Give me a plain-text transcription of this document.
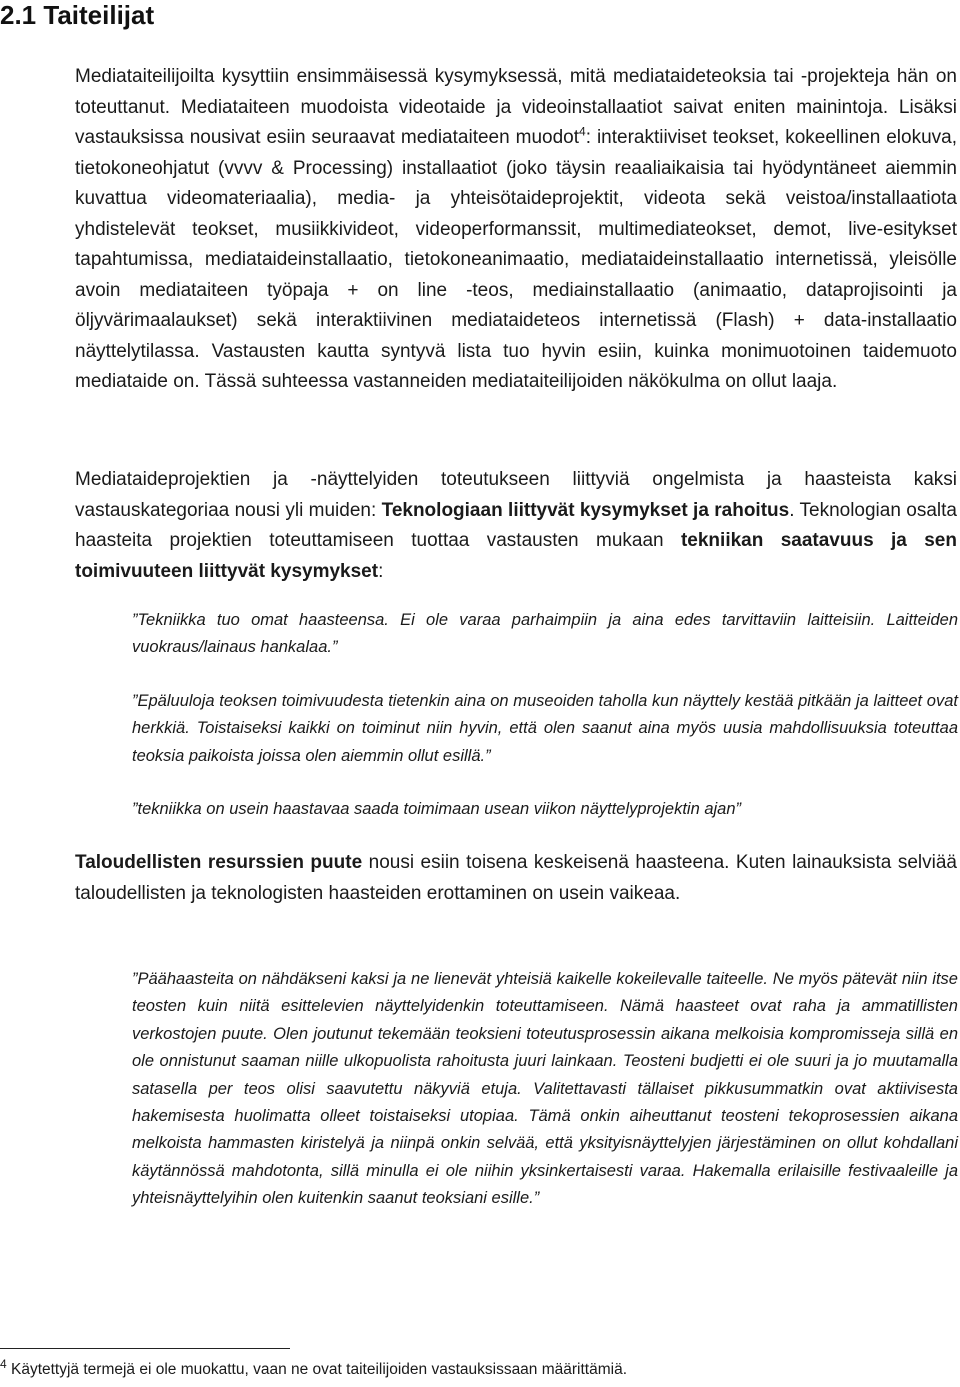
2.1 Taiteilijat

Mediataiteilijoilta kysyttiin ensimmäisessä kysymyksessä, mitä mediataideteoksia tai -projekteja hän on toteuttanut. Mediataiteen muodoista videotaide ja videoinstallaatiot saivat eniten mainintoja. Lisäksi vastauksissa nousivat esiin seuraavat mediataiteen muodot$^4$: interaktiiviset teokset, kokeellinen elokuva, tietokoneohjatut (vvvv & Processing) installaatiot (joko täysin reaaliaikaisia tai hyödyntäneet aiemmin kuvattua videomateriaalia), media- ja yhteisötaideprojektit, videota sekä veistoa/installaatiota yhdistelevät teokset, musiikkivideot, videoperformanssit, multimediateokset, demot, live-esitykset tapahtumissa, mediataideinstallaatio, tietokoneanimaatio, mediataideinstallaatio internetissä, yleisölle avoin mediataiteen työpaja + on line -teos, mediainstallaatio (animaatio, dataprojisointi ja öljyvärimaalaukset) sekä interaktiivinen mediataideteos internetissä (Flash) + data-installaatio näyttelytilassa. Vastausten kautta syntyvä lista tuo hyvin esiin, kuinka monimuotoinen taidemuoto mediataide on. Tässä suhteessa vastanneiden mediataiteilijoiden näkökulma on ollut laaja.

Mediataideprojektien ja -näyttelyiden toteutukseen liittyviä ongelmista ja haasteista kaksi vastauskategoriaa nousi yli muiden: Teknologiaan liittyvät kysymykset ja rahoitus. Teknologian osalta haasteita projektien toteuttamiseen tuottaa vastausten mukaan tekniikan saatavuus ja sen toimivuuteen liittyvät kysymykset:

”Tekniikka tuo omat haasteensa. Ei ole varaa parhaimpiin ja aina edes tarvittaviin laitteisiin. Laitteiden vuokraus/lainaus hankalaa.”

”Epäluuloja teoksen toimivuudesta tietenkin aina on museoiden taholla kun näyttely kestää pitkään ja laitteet ovat herkkiä. Toistaiseksi kaikki on toiminut niin hyvin, että olen saanut aina myös uusia mahdollisuuksia toteuttaa teoksia paikoista joissa olen aiemmin ollut esillä.”

”tekniikka on usein haastavaa saada toimimaan usean viikon näyttelyprojektin ajan”

Taloudellisten resurssien puute nousi esiin toisena keskeisenä haasteena. Kuten lainauksista selviää taloudellisten ja teknologisten haasteiden erottaminen on usein vaikeaa.

”Päähaasteita on nähdäkseni kaksi ja ne lienevät yhteisiä kaikelle kokeilevalle taiteelle. Ne myös pätevät niin itse teosten kuin niitä esittelevien näyttelyidenkin toteuttamiseen. Nämä haasteet ovat raha ja ammatillisten verkostojen puute. Olen joutunut tekemään teoksieni toteutusprosessin aikana melkoisia kompromisseja sillä en ole onnistunut saaman niille ulkopuolista rahoitusta juuri lainkaan. Teosteni budjetti ei ole suuri ja jo muutamalla satasella per teos olisi saavutettu näkyviä etuja. Valitettavasti tällaiset pikkusummatkin ovat aktiivisesta hakemisesta huolimatta olleet toistaiseksi utopiaa. Tämä onkin aiheuttanut teosteni tekoprosessien aikana melkoista hammasten kiristelyä ja niinpä onkin selvää, että yksityisnäyttelyjen järjestäminen on ollut kohdallani käytännössä mahdotonta, sillä minulla ei ole niihin yksinkertaisesti varaa. Hakemalla erilaisille festivaaleille ja yhteisnäyttelyihin olen kuitenkin saanut teoksiani esille.”

$^4$ Käytettyjä termejä ei ole muokattu, vaan ne ovat taiteilijoiden vastauksissaan määrittämiä.
